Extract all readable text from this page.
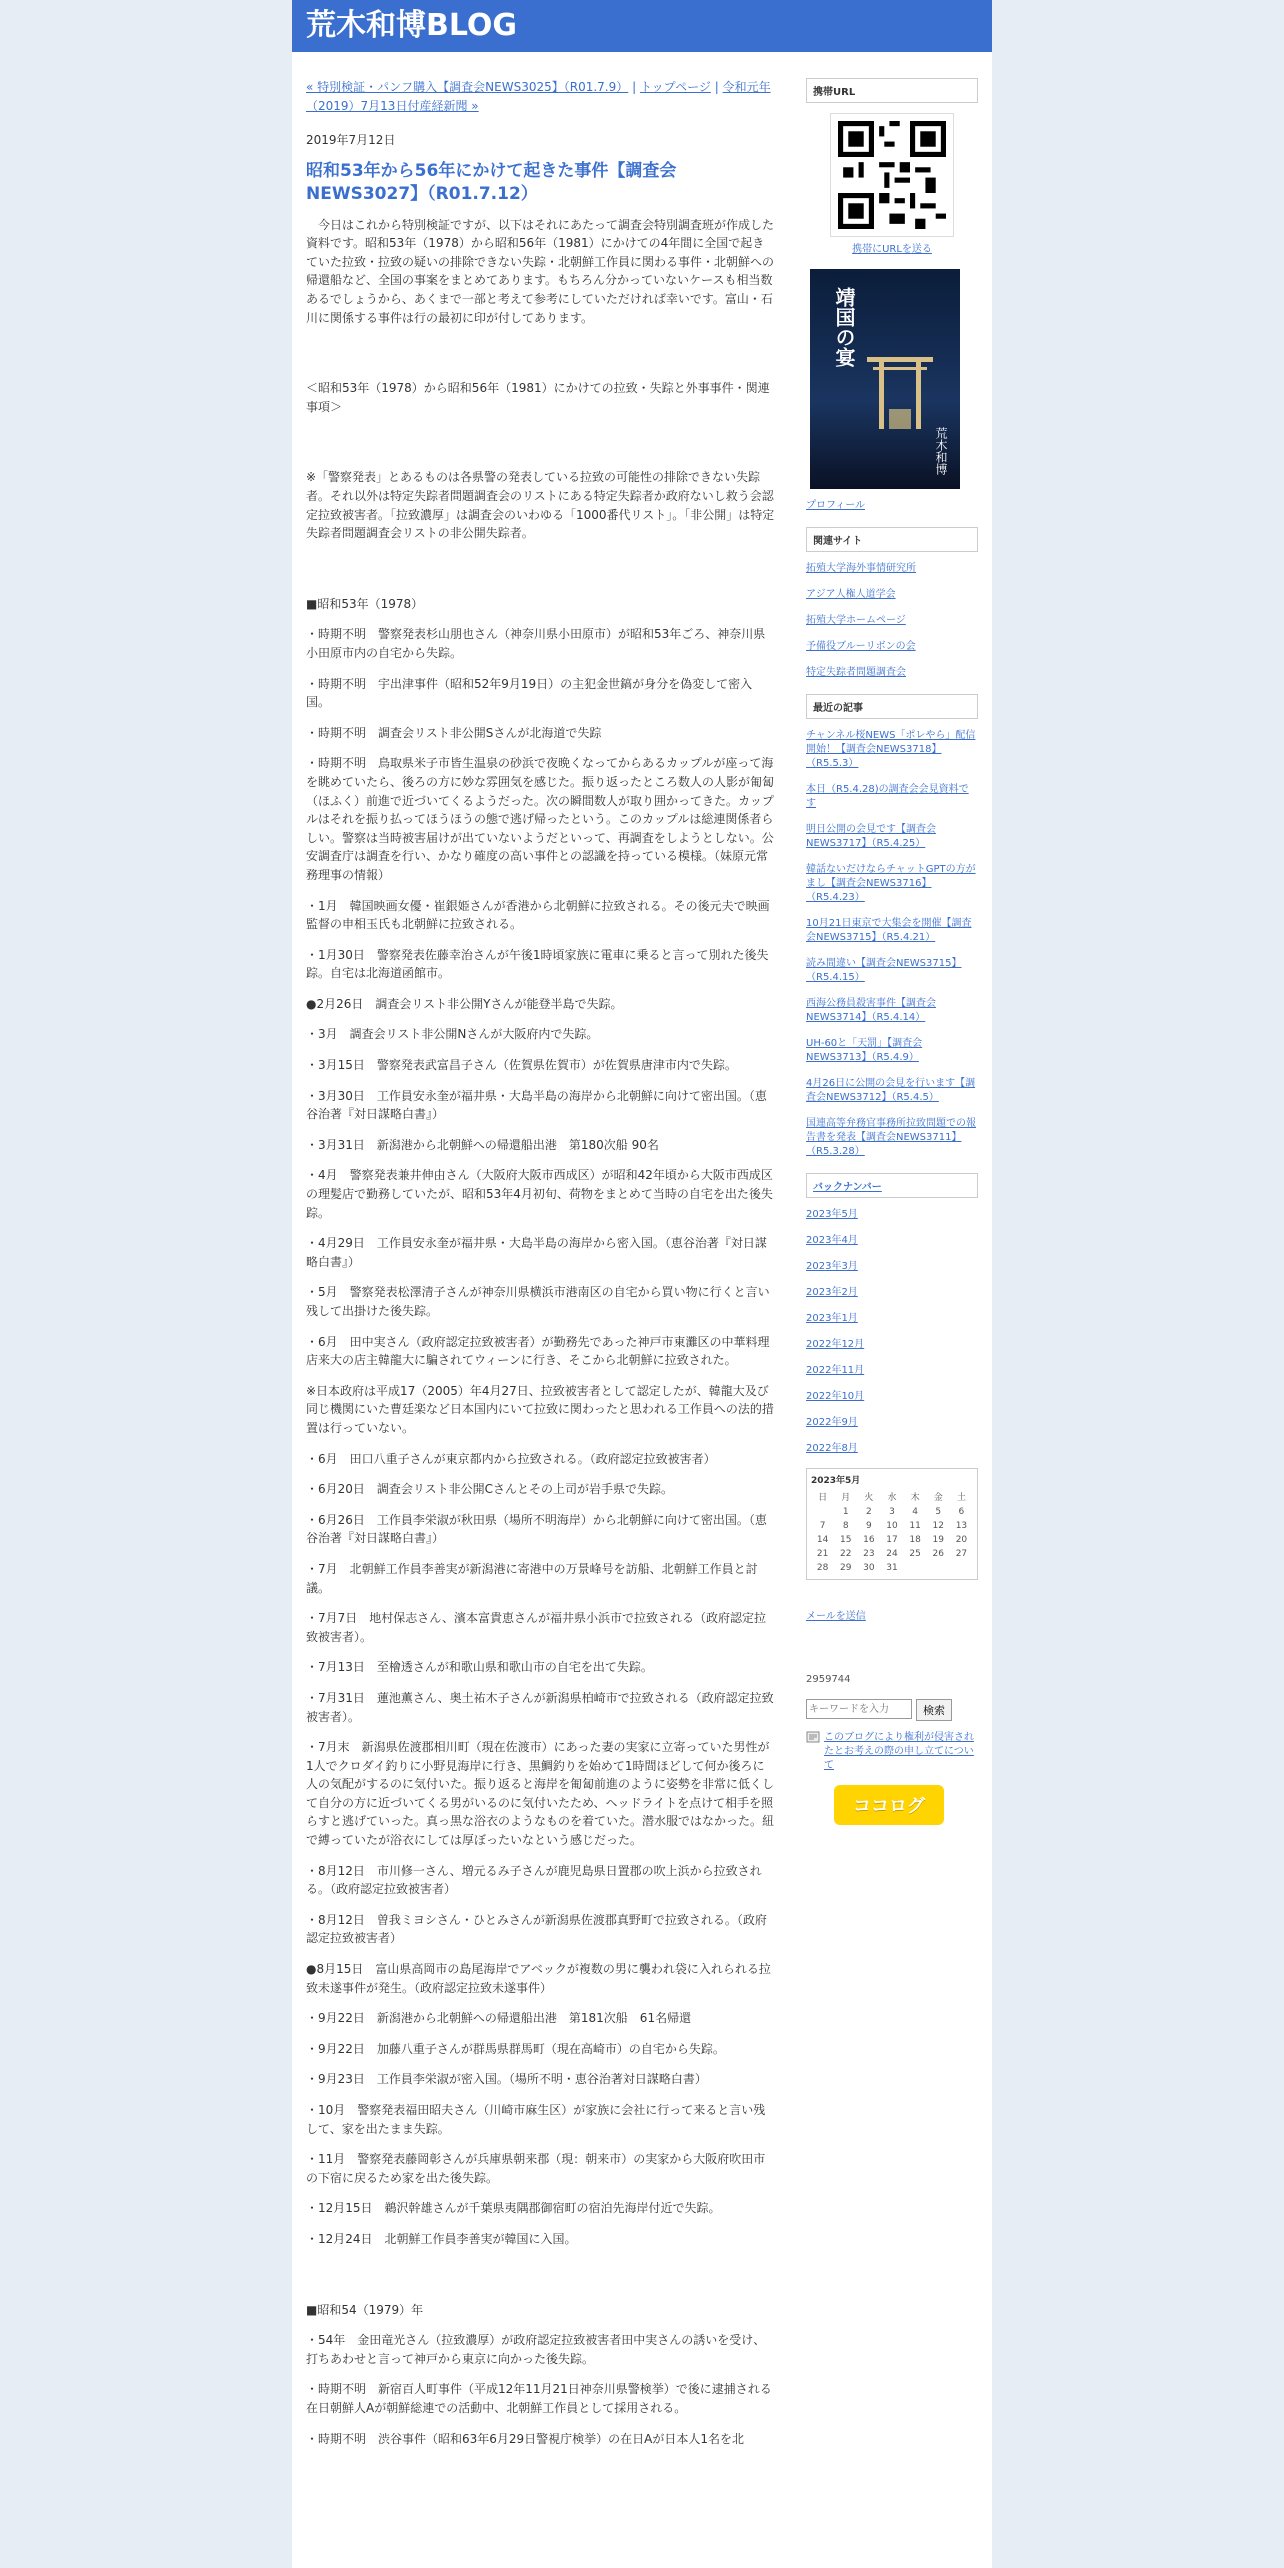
荒木和博BLOG
« 特別検証・パンフ購入【調査会NEWS3025】（R01.7.9） | トップページ | 令和元年（2019）7月13日付産経新聞 »
2019年7月12日
昭和53年から56年にかけて起きた事件【調査会NEWS3027】（R01.7.12）
　今日はこれから特別検証ですが、以下はそれにあたって調査会特別調査班が作成した資料です。昭和53年（1978）から昭和56年（1981）にかけての4年間に全国で起きていた拉致・拉致の疑いの排除できない失踪・北朝鮮工作員に関わる事件・北朝鮮への帰還船など、全国の事案をまとめてあります。もちろん分かっていないケースも相当数あるでしょうから、あくまで一部と考えて参考にしていただければ幸いです。富山・石川に関係する事件は行の最初に印が付してあります。
＜昭和53年（1978）から昭和56年（1981）にかけての拉致・失踪と外事事件・関連事項＞
※「警察発表」とあるものは各県警の発表している拉致の可能性の排除できない失踪者。それ以外は特定失踪者問題調査会のリストにある特定失踪者か政府ないし救う会認定拉致被害者。「拉致濃厚」は調査会のいわゆる「1000番代リスト」。「非公開」は特定失踪者問題調査会リストの非公開失踪者。
■昭和53年（1978）
・時期不明　警察発表杉山朋也さん（神奈川県小田原市）が昭和53年ごろ、神奈川県小田原市内の自宅から失踪。
・時期不明　宇出津事件（昭和52年9月19日）の主犯金世鎬が身分を偽変して密入国。
・時期不明　調査会リスト非公開Sさんが北海道で失踪
・時期不明　鳥取県米子市皆生温泉の砂浜で夜晩くなってからあるカップルが座って海を眺めていたら、後ろの方に妙な雰囲気を感じた。振り返ったところ数人の人影が匍匐（ほふく）前進で近づいてくるようだった。次の瞬間数人が取り囲かってきた。カップルはそれを振り払ってほうほうの態で逃げ帰ったという。このカップルは総連関係者らしい。警察は当時被害届けが出ていないようだといって、再調査をしようとしない。公安調査庁は調査を行い、かなり確度の高い事件との認識を持っている模様。（妹原元常務理事の情報）
・1月　韓国映画女優・崔銀姫さんが香港から北朝鮮に拉致される。その後元夫で映画監督の申相玉氏も北朝鮮に拉致される。
・1月30日　警察発表佐藤幸治さんが午後1時頃家族に電車に乗ると言って別れた後失踪。自宅は北海道函館市。
●2月26日　調査会リスト非公開Yさんが能登半島で失踪。
・3月　調査会リスト非公開Nさんが大阪府内で失踪。
・3月15日　警察発表武富昌子さん（佐賀県佐賀市）が佐賀県唐津市内で失踪。
・3月30日　工作員安永奎が福井県・大島半島の海岸から北朝鮮に向けて密出国。（恵谷治著『対日謀略白書』）
・3月31日　新潟港から北朝鮮への帰還船出港　第180次船 90名
・4月　警察発表兼井伸由さん（大阪府大阪市西成区）が昭和42年頃から大阪市西成区の理髪店で勤務していたが、昭和53年4月初旬、荷物をまとめて当時の自宅を出た後失踪。
・4月29日　工作員安永奎が福井県・大島半島の海岸から密入国。（恵谷治著『対日謀略白書』）
・5月　警察発表松澤清子さんが神奈川県横浜市港南区の自宅から買い物に行くと言い残して出掛けた後失踪。
・6月　田中実さん（政府認定拉致被害者）が勤務先であった神戸市東灘区の中華料理店来大の店主韓龍大に騙されてウィーンに行き、そこから北朝鮮に拉致された。
※日本政府は平成17（2005）年4月27日、拉致被害者として認定したが、韓龍大及び同じ機関にいた曹廷楽など日本国内にいて拉致に関わったと思われる工作員への法的措置は行っていない。
・6月　田口八重子さんが東京都内から拉致される。（政府認定拉致被害者）
・6月20日　調査会リスト非公開Cさんとその上司が岩手県で失踪。
・6月26日　工作員李栄淑が秋田県（場所不明海岸）から北朝鮮に向けて密出国。（恵谷治著『対日謀略白書』）
・7月　北朝鮮工作員李善実が新潟港に寄港中の万景峰号を訪船、北朝鮮工作員と討議。
・7月7日　地村保志さん、濱本富貴恵さんが福井県小浜市で拉致される（政府認定拉致被害者）。
・7月13日　至檜透さんが和歌山県和歌山市の自宅を出て失踪。
・7月31日　蓮池薫さん、奥土祐木子さんが新潟県柏崎市で拉致される（政府認定拉致被害者）。
・7月末　新潟県佐渡郡相川町（現在佐渡市）にあった妻の実家に立寄っていた男性が1人でクロダイ釣りに小野見海岸に行き、黒鯛釣りを始めて1時間ほどして何か後ろに人の気配がするのに気付いた。振り返ると海岸を匍匐前進のように姿勢を非常に低くして自分の方に近づいてくる男がいるのに気付いたため、ヘッドライトを点けて相手を照らすと逃げていった。真っ黒な浴衣のようなものを着ていた。潜水服ではなかった。紐で縛っていたが浴衣にしては厚ぼったいなという感じだった。
・8月12日　市川修一さん、増元るみ子さんが鹿児島県日置郡の吹上浜から拉致される。（政府認定拉致被害者）
・8月12日　曽我ミヨシさん・ひとみさんが新潟県佐渡郡真野町で拉致される。（政府認定拉致被害者）
●8月15日　富山県高岡市の島尾海岸でアベックが複数の男に襲われ袋に入れられる拉致未遂事件が発生。（政府認定拉致未遂事件）
・9月22日　新潟港から北朝鮮への帰還船出港　第181次船　61名帰還
・9月22日　加藤八重子さんが群馬県群馬町（現在高崎市）の自宅から失踪。
・9月23日　工作員李栄淑が密入国。（場所不明・恵谷治著対日謀略白書）
・10月　警察発表福田昭夫さん（川崎市麻生区）が家族に会社に行って来ると言い残して、家を出たまま失踪。
・11月　警察発表藤岡彰さんが兵庫県朝来郡（現：朝来市）の実家から大阪府吹田市の下宿に戻るため家を出た後失踪。
・12月15日　鵜沢幹雄さんが千葉県夷隅郡御宿町の宿泊先海岸付近で失踪。
・12月24日　北朝鮮工作員李善実が韓国に入国。
■昭和54（1979）年
・54年　金田竜光さん（拉致濃厚）が政府認定拉致被害者田中実さんの誘いを受け、打ちあわせと言って神戸から東京に向かった後失踪。
・時期不明　新宿百人町事件（平成12年11月21日神奈川県警検挙）で後に逮捕される在日朝鮮人Aが朝鮮総連での活動中、北朝鮮工作員として採用される。
・時期不明　渋谷事件（昭和63年6月29日警視庁検挙）の在日Aが日本人1名を北
携帯URL
携帯にURLを送る
靖国の宴
荒木和博
プロフィール
関連サイト
拓殖大学海外事情研究所
アジア人権人道学会
拓殖大学ホームページ
予備役ブルーリボンの会
特定失踪者問題調査会
最近の記事
チャンネル桜NEWS「ポレやら」配信開始！【調査会NEWS3718】（R5.5.3）
本日（R5.4.28)の調査会会見資料です
明日公開の会見です【調査会NEWS3717】（R5.4.25）
韓話ないだけならチャットGPTの方がまし【調査会NEWS3716】（R5.4.23）
10月21日東京で大集会を開催【調査会NEWS3715】（R5.4.21）
読み間違い【調査会NEWS3715】（R5.4.15）
西海公務員殺害事件【調査会NEWS3714】（R5.4.14）
UH-60と「天罰」【調査会NEWS3713】（R5.4.9）
4月26日に公開の会見を行います【調査会NEWS3712】（R5.4.5）
国連高等弁務官事務所拉致問題での報告書を発表【調査会NEWS3711】（R5.3.28）
バックナンバー
2023年5月
2023年4月
2023年3月
2023年2月
2023年1月
2022年12月
2022年11月
2022年10月
2022年9月
2022年8月
2023年5月
日	月	火	水	木	金	土
	1	2	3	4	5	6
7	8	9	10	11	12	13
14	15	16	17	18	19	20
21	22	23	24	25	26	27
28	29	30	31			
メールを送信
2959744
キーワードを入力
検索
このブログにより権利が侵害されたとお考えの際の申し立てについて
ココログ
